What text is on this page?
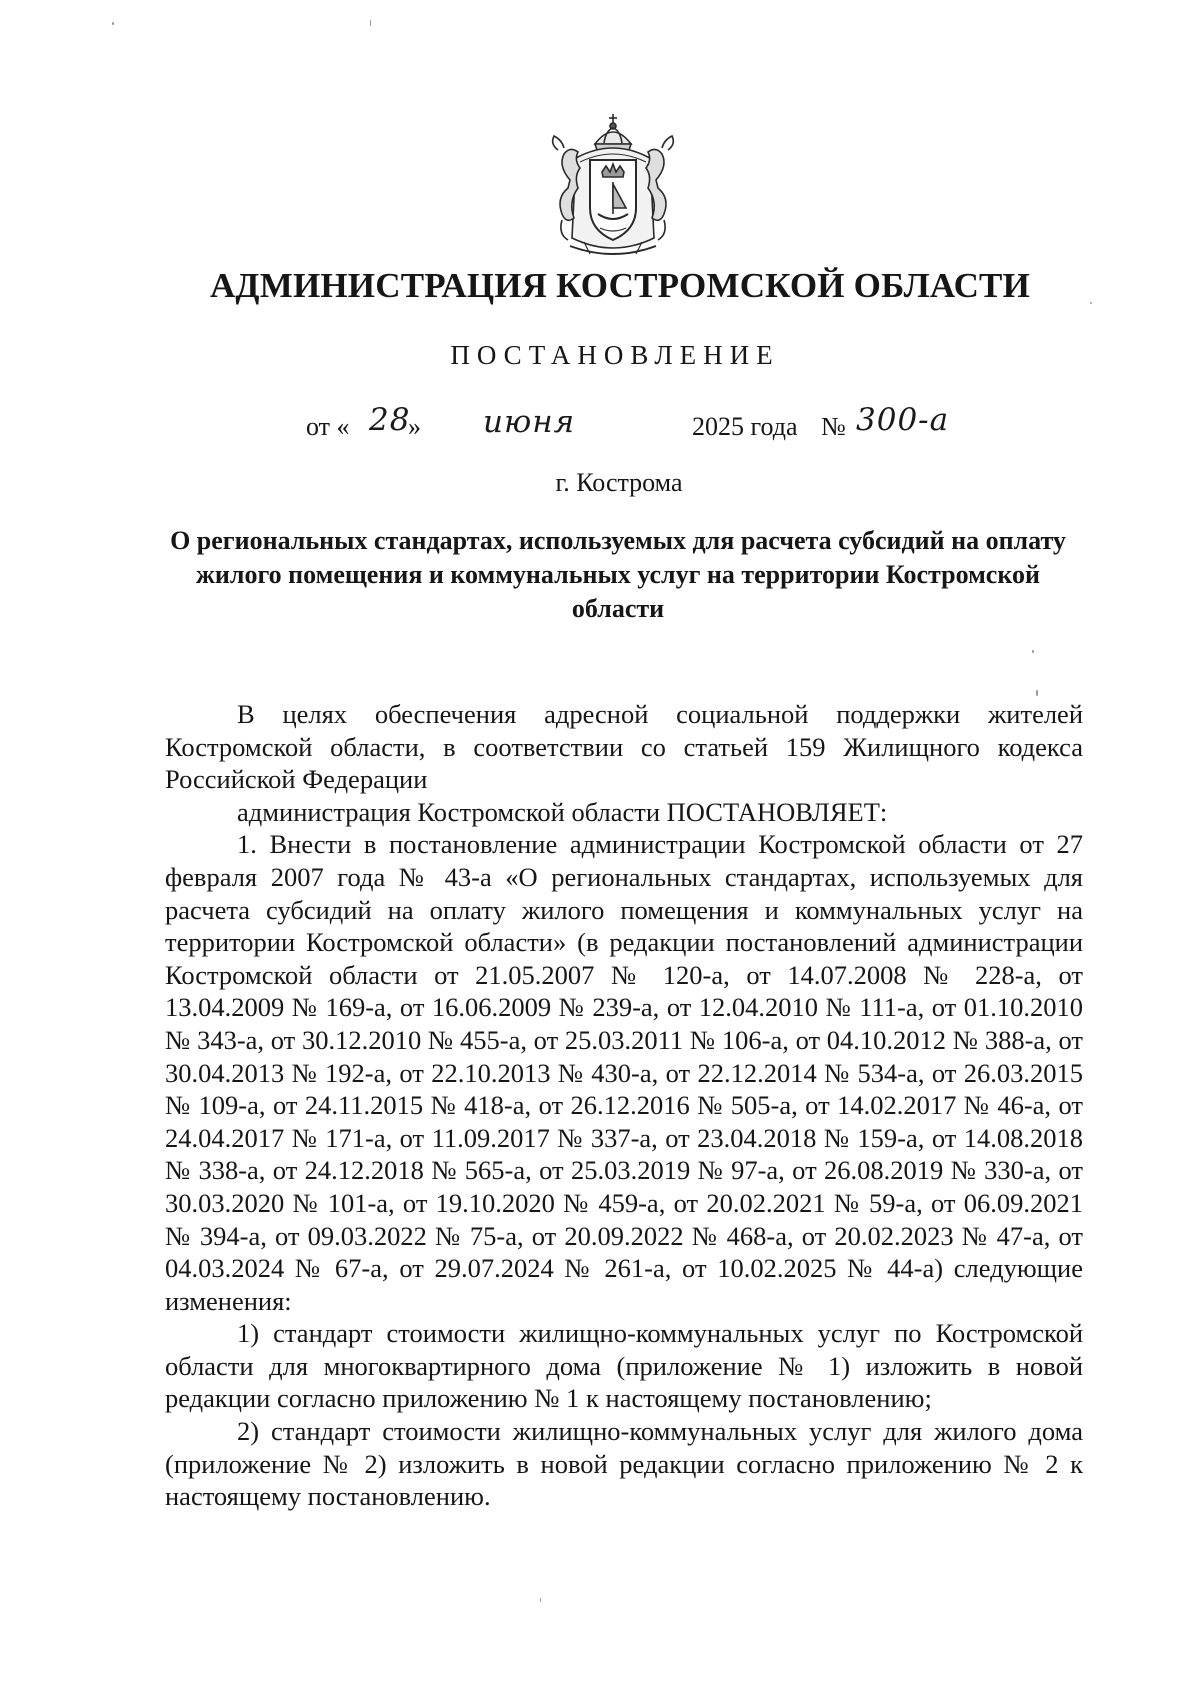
АДМИНИСТРАЦИЯ КОСТРОМСКОЙ ОБЛАСТИ
ПОСТАНОВЛЕНИЕ
от « 28
» июня	2025 года № 300-а
г. Кострома
О региональных стандартах, используемых для расчета субсидий на оплату жилого помещения и коммунальных услуг на территории Костромской области

В целях обеспечения адресной социальной поддержки жителей Костромской области, в соответствии со статьей 159 Жилищного кодекса Российской Федерации

администрация Костромской области ПОСТАНОВЛЯЕТ:

1. Внести в постановление администрации Костромской области от 27 февраля 2007 года № 43-а «О региональных стандартах, используемых для расчета субсидий на оплату жилого помещения и коммунальных услуг на территории Костромской области» (в редакции постановлений администрации Костромской области от 21.05.2007 № 120-а, от 14.07.2008 № 228-а, от 13.04.2009 № 169-а, от 16.06.2009 № 239-а, от 12.04.2010 № 111-а, от 01.10.2010 № 343-а, от 30.12.2010 № 455-а, от 25.03.2011 № 106-а, от 04.10.2012 № 388-а, от 30.04.2013 № 192-а, от 22.10.2013 № 430-а, от 22.12.2014 № 534-а, от 26.03.2015 № 109-а, от 24.11.2015 № 418-а, от 26.12.2016 № 505-а, от 14.02.2017 № 46-а, от 24.04.2017 № 171-а, от 11.09.2017 № 337-а, от 23.04.2018 № 159-а, от 14.08.2018 № 338-а, от 24.12.2018 № 565-а, от 25.03.2019 № 97-а, от 26.08.2019 № 330-а, от 30.03.2020 № 101-а, от 19.10.2020 № 459-а, от 20.02.2021 № 59-а, от 06.09.2021 № 394-а, от 09.03.2022 № 75-а, от 20.09.2022 № 468-а, от 20.02.2023 № 47-а, от 04.03.2024 № 67-а, от 29.07.2024 № 261-а, от 10.02.2025 № 44-а) следующие изменения:

1) стандарт стоимости жилищно-коммунальных услуг по Костромской области для многоквартирного дома (приложение № 1) изложить в новой редакции согласно приложению № 1 к настоящему постановлению;

2) стандарт стоимости жилищно-коммунальных услуг для жилого дома (приложение № 2) изложить в новой редакции согласно приложению № 2 к настоящему постановлению.
